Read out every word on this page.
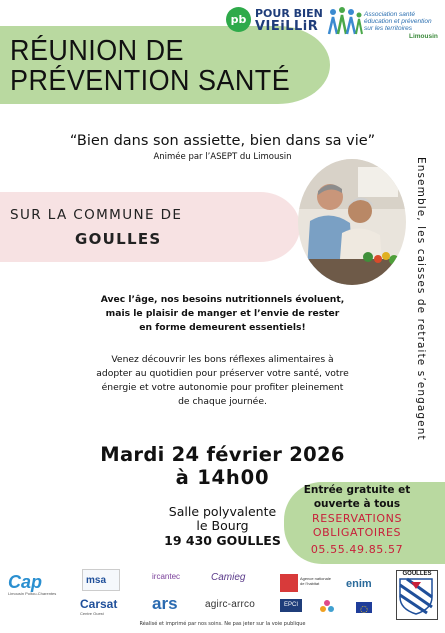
RÉUNION DE
PRÉVENTION SANTÉ
pb POUR BIEN
VIEiLLiR
Association santé
éducation et prévention
sur les territoires
Limousin
“Bien dans son assiette, bien dans sa vie”
Animée par l’ASEPT du Limousin
SUR LA COMMUNE DE
GOULLES	Ensemble, les caisses de retraite s’engagent
Avec l’âge, nos besoins nutritionnels évoluent,
mais le plaisir de manger et l’envie de rester
en forme demeurent essentiels!
Venez découvrir les bons réflexes alimentaires à
adopter au quotidien pour préserver votre santé, votre
énergie et votre autonomie pour profiter pleinement
de chaque journée.
Mardi 24 février 2026
à 14h00
Salle polyvalente
le Bourg
19 430 GOULLES
Entrée gratuite et
ouverte à tous
RESERVATIONS
OBLIGATOIRES
05.55.49.85.57
Cap
Limousin Poitou-Charentes
msa	ircantec	Camieg	Agence nationale de l'habitat	enim
GOULLES
Carsat
Centre Ouest
ars	agirc-arrco	EPCI
Réalisé et imprimé par nos soins. Ne pas jeter sur la voie publique
